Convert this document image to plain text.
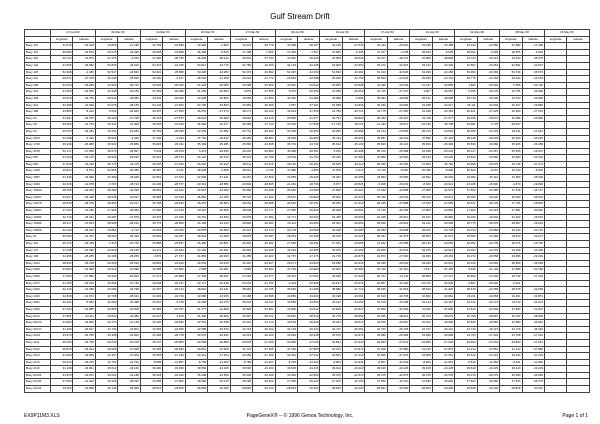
Gulf Stream Drift
	27-Feb-50		06-Mar-50		13-Mar-50		20-Mar-50		27-Mar-50		03-Apr-50		10-Apr-50		17-Apr-50		24-Apr-50		01-May-50		08-May-50		15-May-50	
	longitude	latitude	longitude	latitude	longitude	latitude	longitude	latitude	longitude	latitude	longitude	latitude	longitude	latitude	longitude	latitude	longitude	latitude	longitude	latitude	longitude	latitude	longitude	latitude
Buoy 113	31.615	-29.918	13.896	-31.238	32.799	-34.899	33.995	-2.963	34.116	-29.778	33.998	-28.457	34.136	-27.540	34.444	-25.920	33.435	-25.488	32.342	-22.586	31.882	-21.489		
Buoy 115	36.583	-26.879	36.678	-34.396	36.838	-33.586	36.382	-8.515	37.198	-7.920	37.364	-7.667	37.866	-5.466	37.917	-4.798	38.182	-5.695	38.651	-4.665	38.875	-3.940		
Buoy 118	35.724	-41.870	37.376	-4.340	37.990	-38.739	36.935	-38.412	35.344	-37.793	32.082	-39.336	32.893	-38.629	32.977	-38.473	32.989	-38.868	31.723	-38.112	34.320	-35.075		
Buoy 122	44.505	-39.982	53.836	-44.910	54.316	-44.345	54.814	-44.779	34.786	-46.000	34.126	-32.235	33.903	-32.950	33.272	-33.315	33.131	-33.200	32.867	-34.054	32.591	-32.837		
Buoy 125	52.998	-4.186	52.547	-34.660	52.822	-35.588	53.620	-34.280	52.376	-33.892	52.497	-34.350	51.830	-33.482	54.313	-32.626	54.299	-33.258	53.960	-34.965	53.746	-35.579		
Buoy 201	36.671	-37.076	36.246	-35.093	29.160	-2.157	28.291	-21.268	29.616	-21.772	28.949	-22.988	30.026	-22.750	28.660	-22.944	29.069	-23.101	26.775	-23.166	29.102	-23.254		
Buoy 208	52.200	-39.289	31.590	-36.742	33.506	-36.020	32.422	-36.089	33.288	-33.069	32.822	-33.534	33.853	-33.588	31.496	-33.646	31.437	-32.856	1.805	-33.639	5.506	-33.736		
Buoy 212	31.965	-40.560	31.948	-40.155	31.059	-40.288	31.200	-40.894	3.875	-47.555	5.975	-45.966	31.368	-46.260	31.476	-47.337	3.967	-46.587	5.365	-45.278	29.795	-49.996		
Buoy 408	39.976	-46.750	39.642	-45.580	42.911	-46.469	44.538	-45.860	43.656	-41.382	44.330	-41.989	43.868	-6.684	45.964	-38.999	48.121	-38.088	45.730	-35.390	45.572	-33.886		
Buoy 412	52.395	-44.849	53.678	-48.165	54.134	-47.843	52.706	-54.833	43.862	-36.669	4.857	-37.301	54.658	-34.836	45.930	-34.900	43.458	-32.617	44.111	-32.609	42.917	-29.880		
Buoy 485	43.865	-8.424	8.231	-28.964	39.257	-27.945	39.251	-27.474	38.271	-29.120	40.924	-27.550	41.782	-26.714	41.775	-27.650	42.238	-26.462	40.421	-27.625	42.964	-27.523		
Buoy 20	51.347	-39.376	28.323	-27.765	48.718	-27.870	28.024	-35.983	28.862	-34.129	28.595	-31.377	26.791	-30.893	28.460	-28.467	31.118	-27.977	33.488	-26.872	32.986	-26.886		
Buoy 28	33.992	-31.733	26.347	-31.309	35.325	-31.426	36.560	-32.477	36.395	-27.743	32.320	-17.838	-17.720	28.724	-21.493	29.671	-16.146	39.768	-29.681	4.178	-28.397			
Buoy 34	45.672	-33.181	34.331	-29.935	33.781	-28.338	32.234	-27.682	32.770	-25.944	33.296	-26.666	33.206	-25.989	34.214	-23.966	35.270	-19.946	38.182	-21.633	39.211	-21.642		
Buoy 1876	34.298	-6.430	35.525	-4.436	37.484	-4.334	37.792	-39.812	36.465	-38.804	36.656	-36.866	36.733	-35.956	35.587	-36.242	37.598	-37.191	38.128	-36.678	38.350	-36.630		
Buoy 1740	36.946	-36.688	36.940	-35.880	35.825	-35.431	35.999	-35.285	35.860	-34.838	35.703	-34.760	35.812	-35.109	35.810	-36.116	35.999	-35.906	35.839	-36.086	35.906	-36.386		
Buoy 3278	52.171	-37.586	35.675	-35.897	5.943	-32.979	5.414	-29.630	49.234	-26.863	49.385	-26.591	5.253	-26.398	50.470	-26.688	54.638	-25.234	55.127	-24.357	55.525	-24.507		
Buoy 887	31.229	-29.170	29.936	-29.630	30.622	-28.570	34.101	-30.679	35.416	-32.798	33.503	-31.763	33.160	-31.580	32.856	-32.800	33.120	-34.220	33.400	-33.960	32.820	-33.430		
Buoy 890	27.916	-43.329	28.775	-43.375	28.135	-47.200	29.262	-45.912	28.011	-45.679	28.126	-45.364	28.515	-45.110	28.250	-46.255	27.562	-45.790	26.898	-46.970	26.748	-47.474		
Buoy 1025	25.812	-8.574	52.895	-36.489	49.387	-4.511	48.538	-4.568	48.341	-4.700	47.880	-4.890	47.500	-5.210	47.110	-5.580	46.780	-5.900	46.500	-6.210	46.210	-6.500		
Buoy 1557	31.339	-44.999	32.399	-46.948	32.951	-47.572	32.929	-47.221	33.457	-47.829	32.855	-46.335	33.361	-46.355	33.863	-45.580	32.592	-45.602	34.382	-45.110	33.959	-38.339		
Buoy 1629	30.046	-41.878	-3.797	-38.724	-34.196	-28.757	-33.313	-28.886	-33.840	-28.835	-31.262	-28.796	-5.877	-28.826	-5.008	-29.003	-8.466	-30.021	-34.188	-26.990	-1.870	-29.890		
Buoy 16294	28.355	-42.810	28.483	-43.330	28.852	-44.322	26.967	-43.932	26.966	-44.368	25.320	-43.080	27.869	-40.321	27.392	-44.568	27.995	-41.973	27.552	-45.385	27.518	-44.727		
Buoy 16297	34.917	-46.338	35.648	-42.637	35.958	-42.108	35.881	-41.782	35.740	-41.300	35.621	-40.800	35.502	-40.410	35.420	-40.002	35.310	-39.674	35.200	-39.330	35.090	-38.910		
Buoy 16275	28.849	-28.379	28.963	-29.317	28.768	-29.620	28.397	-28.660	28.203	-28.388	28.246	-28.761	28.260	-27.910	28.225	-27.888	27.515	-27.695	28.101	-28.726	27.795	-28.865		
Buoy 16287	27.432	-41.180	27.999	-40.684	27.960	-41.128	28.112	-40.956	28.048	-40.777	27.985	-40.820	28.048	-40.891	27.726	-40.786	27.800	-40.860	27.900	-41.015	27.891	-40.960		
Buoy 16282	32.719	-46.431	33.287	-47.878	33.376	-47.346	34.261	-46.650	33.678	-47.052	32.771	-46.623	32.435	-46.690	32.328	-46.910	32.917	-46.982	33.020	-46.940	32.922	-46.870		
Buoy 16289	28.917	-47.823	28.938	-28.610	28.776	-28.959	29.196	-29.319	28.890	-29.934	29.114	-29.954	29.061	-28.953	28.818	-29.822	29.412	-29.590	28.775	-28.978	28.867	-29.034		
Buoy 16296	32.249	-28.910	29.864	-3.712	29.263	-33.459	29.878	-32.560	29.113	-33.710	29.178	-33.589	29.228	-33.980	29.350	-33.898	29.100	-33.748	29.014	-33.886	29.144	-33.724		
Buoy 21	30.350	-31.472	28.503	-35.329	29.591	-32.257	28.534	-31.995	28.878	-32.087	28.263	-32.268	28.316	-31.625	28.447	-31.975	28.553	-31.974	28.586	-31.999	28.510	-32.227		
Buoy 122	36.176	-25.339	2.315	-25.720	26.888	-25.597	26.360	-29.801	26.336	-29.392	27.568	-29.491	27.631	-29.685	27.622	-29.485	28.130	-29.685	28.292	-29.735	28.276	-29.760		
Buoy 147	27.048	-34.695	33.629	-32.168	34.171	-32.543	34.181	-32.261	34.003	-32.468	34.016	-32.485	33.976	-32.493	33.900	-32.542	33.975	-32.513	34.024	-32.475	34.039	-32.468		
Buoy 184	34.255	-28.285	32.338	-28.255	3.876	-27.767	31.883	-28.360	31.285	-26.923	32.757	-27.276	31.715	-26.875	32.873	-27.690	34.330	-28.463	36.272	-29.558	39.896	-29.290		
Buoy 2012	28.932	-35.018	29.209	-35.293	28.864	-33.226	29.554	-33.430	29.110	-29.817	29.271	-33.823	29.288	-32.916	29.326	-33.040	29.322	-32.931	29.330	-33.065	28.959	-33.089		
Buoy 2003	32.864	-33.868	32.522	-31.996	32.688	-31.500	2.688	-32.281	2.882	-32.494	31.769	-32.880	31.500	-33.380	32.720	-31.310	2.517	-31.335	8.496	-31.149	31.888	-32.158		
Buoy 2004	27.950	-27.860	26.940	-26.994	27.374	-26.889	27.335	-28.001	27.666	-26.577	28.434	-27.094	28.645	-27.009	28.727	-27.111	28.858	-27.147	28.800	-27.095	28.742	-27.018		
Buoy 2077	31.155	-26.226	32.894	-31.745	33.648	-34.797	32.177	-32.449	-33.243	-31.760	-3.319	-32.985	-32.157	-33.276	-32.857	-32.391	-33.720	-32.900	-4.897	-33.020	-5.321			
Buoy 2042	32.129	-31.658	33.082	-46.798	32.257	-45.124	38.891	-42.231	38.962	-42.765	38.636	-41.995	38.880	-41.712	38.636	-41.862	38.524	-41.926	38.678	-41.958	38.678	-42.099		
Buoy 2015	32.848	-31.874	32.738	-35.944	33.493	-34.730	33.986	-33.305	33.188	-33.598	32.856	-33.820	33.198	-33.664	32.610	-33.735	32.660	-33.862	33.211	-33.868	33.261	-33.851		
Buoy 2081	32.341	-5.584	32.893	-32.498	33.457	-3.378	34.286	-33.375	35.278	-34.117	33.856	-33.863	34.121	-34.163	34.109	-34.198	34.134	-34.187	34.122	-34.174	34.110	-34.201		
Buoy 2092	27.143	-23.885	42.895	-31.508	31.583	-31.757	31.777	-31.806	31.805	-31.801	31.800	-31.812	31.820	-31.817	31.800	-31.803	31.811	-31.800	31.815	-31.809	31.803	-31.807		
Buoy 2110	27.851	-34.111	29.000	-42.986	29.127	-4.879	31.336	-38.969	30.997	-38.722	30.851	-38.910	30.776	-38.850	30.826	-38.912	30.754	-38.876	30.798	-38.897	30.780	-38.900		
Buoy 21014	31.669	-46.836	32.470	-47.148	32.460	-46.590	32.519	-45.538	32.310	-47.112	32.519	-46.939	33.031	-46.510	32.876	-46.810	32.912	-46.906	32.836	-46.882	32.880	-46.891		
Buoy 21017	31.169	-40.917	42.730	-43.801	42.584	-44.545	42.585	-45.670	42.718	-46.312	42.718	-46.444	42.727	-46.451	42.701	-46.435	42.727	-46.441	42.710	-46.447	42.719	-46.449		
Buoy 2109	34.976	-26.780	33.398	-26.600	33.496	-26.718	33.570	-26.842	33.619	-26.910	33.650	-26.948	33.670	-26.972	33.686	-26.986	33.696	-26.998	33.703	-27.004	33.708	-27.010		
Buoy 2111	38.180	-25.790	-34.640	-26.378	-35.137	-26.855	-33.596	-26.890	-33.878	-27.049	-33.896	-27.036	-33.891	-27.040	-33.893	-27.041	-33.895	-27.040	-33.894	-27.042	-33.893	-27.041		
Buoy 2112	28.815	-39.291	29.089	-37.928	33.155	-38.690	30.851	-37.809	31.216	-37.845	31.156	-37.856	31.214	-37.872	31.208	-37.880	31.215	-37.879	31.210	-37.881	31.213	-37.880		
Buoy 2113	31.999	-43.869	32.197	-47.006	33.255	-47.196	33.412	-47.204	33.469	-47.209	33.491	-47.212	33.501	-47.214	33.506	-47.215	33.508	-47.216	33.510	-47.216	33.510	-47.216		
Buoy 2114	46.410	-26.976	43.751	-41.792	-8.685	-41.857	-8.755	-41.903	-8.780	-41.927	-8.795	-41.940	-8.803	-41.946	-8.807	-41.949	-8.809	-41.951	-8.810	-41.952	-8.811	-41.952		
Buoy 2115	31.138	-43.961	35.012	-42.160	39.490	-43.090	39.560	-43.165	39.590	-43.200	39.605	-43.215	39.612	-43.222	39.616	-43.226	39.618	-43.228	39.619	-43.229	39.619	-43.229		
Buoy 21125	31.879	-42.870	35.001	-42.188	35.218	-42.420	35.298	-42.500	35.340	-42.540	35.360	-42.560	35.370	-42.570	35.375	-42.575	35.378	-42.578	35.379	-42.579	35.380	-42.580		
Buoy 21135	27.990	-31.920	29.106	-48.030	33.085	-47.800	28.550	-46.740	28.180	-46.400	27.990	-46.230	27.900	-46.150	27.850	-46.110	27.830	-46.090	27.820	-46.080	27.815	-46.075		
Buoy 21133	29.206	-24.898	30.148	-28.959	-28.512	-29.565	-28.894	-30.080	-28.860	-30.240	-28.843	-30.320	-28.835	-30.360	-28.831	-30.380	-28.829	-30.390	-28.828	-30.395	-28.828	-30.397		
EX9P11M3.XLS	PageGeneX® -- © 1996 Genoa Technology, Inc.	Page 1 of 1
